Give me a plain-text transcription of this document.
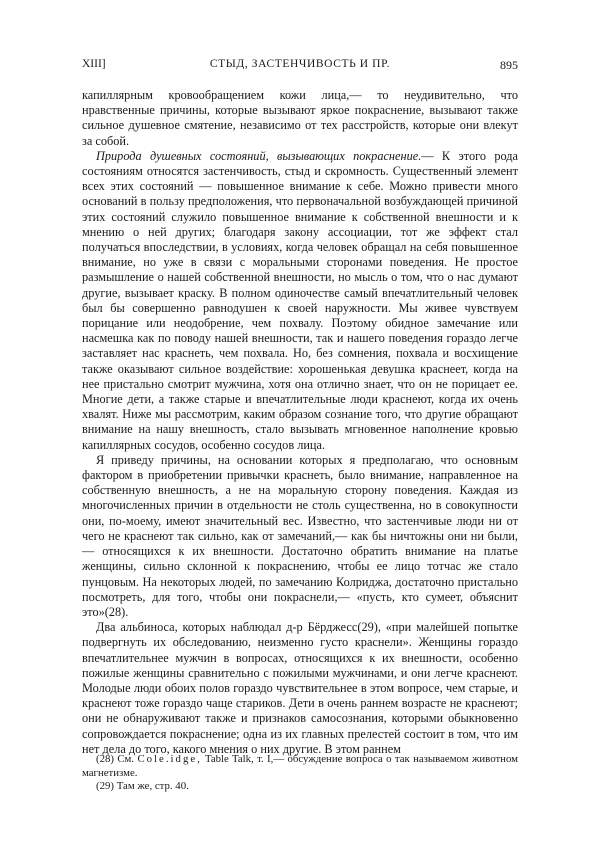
XIII]	СТЫД, ЗАСТЕНЧИВОСТЬ И ПР.	895

капиллярным кровообращением кожи лица,— то неудивительно, что нравственные причины, которые вызывают яркое покраснение, вызывают также сильное душевное смятение, независимо от тех расстройств, которые они влекут за собой.

Природа душевных состояний, вызывающих покраснение.— К этого рода состояниям относятся застенчивость, стыд и скромность. Существенный элемент всех этих состояний — повышенное внимание к себе. Можно привести много оснований в пользу предположения, что первоначальной возбуждающей причиной этих состояний служило повышенное внимание к собственной внешности и к мнению о ней других; благодаря закону ассоциации, тот же эффект стал получаться впоследствии, в условиях, когда человек обращал на себя повышенное внимание, но уже в связи с моральными сторонами поведения. Не простое размышление о нашей собственной внешности, но мысль о том, что о нас думают другие, вызывает краску. В полном одиночестве самый впечатлительный человек был бы совершенно равнодушен к своей наружности. Мы живее чувствуем порицание или неодобрение, чем похвалу. Поэтому обидное замечание или насмешка как по поводу нашей внешности, так и нашего поведения гораздо легче заставляет нас краснеть, чем похвала. Но, без сомнения, похвала и восхищение также оказывают сильное воздействие: хорошенькая девушка краснеет, когда на нее пристально смотрит мужчина, хотя она отлично знает, что он не порицает ее. Многие дети, а также старые и впечатлительные люди краснеют, когда их очень хвалят. Ниже мы рассмотрим, каким образом сознание того, что другие обращают внимание на нашу внешность, стало вызывать мгновенное наполнение кровью капиллярных сосудов, особенно сосудов лица.

Я приведу причины, на основании которых я предполагаю, что основным фактором в приобретении привычки краснеть, было внимание, направленное на собственную внешность, а не на моральную сторону поведения. Каждая из многочисленных причин в отдельности не столь существенна, но в совокупности они, по-моему, имеют значительный вес. Известно, что застенчивые люди ни от чего не краснеют так сильно, как от замечаний,— как бы ничтожны они ни были,— относящихся к их внешности. Достаточно обратить внимание на платье женщины, сильно склонной к покраснению, чтобы ее лицо тотчас же стало пунцовым. На некоторых людей, по замечанию Колриджа, достаточно пристально посмотреть, для того, чтобы они покраснели,— «пусть, кто сумеет, объяснит это»(28).

Два альбиноса, которых наблюдал д-р Бёрджесс(29), «при малейшей попытке подвергнуть их обследованию, неизменно густо краснели». Женщины гораздо впечатлительнее мужчин в вопросах, относящихся к их внешности, особенно пожилые женщины сравнительно с пожилыми мужчинами, и они легче краснеют. Молодые люди обоих полов гораздо чувствительнее в этом вопросе, чем старые, и краснеют тоже гораздо чаще стариков. Дети в очень раннем возрасте не краснеют; они не обнаруживают также и признаков самосознания, которыми обыкновенно сопровождается покраснение; одна из их главных прелестей состоит в том, что им нет дела до того, какого мнения о них другие. В этом раннем

(28) См. Cole.idge, Table Talk, т. I,— обсуждение вопроса о так называемом животном магнетизме.

(29) Там же, стр. 40.
